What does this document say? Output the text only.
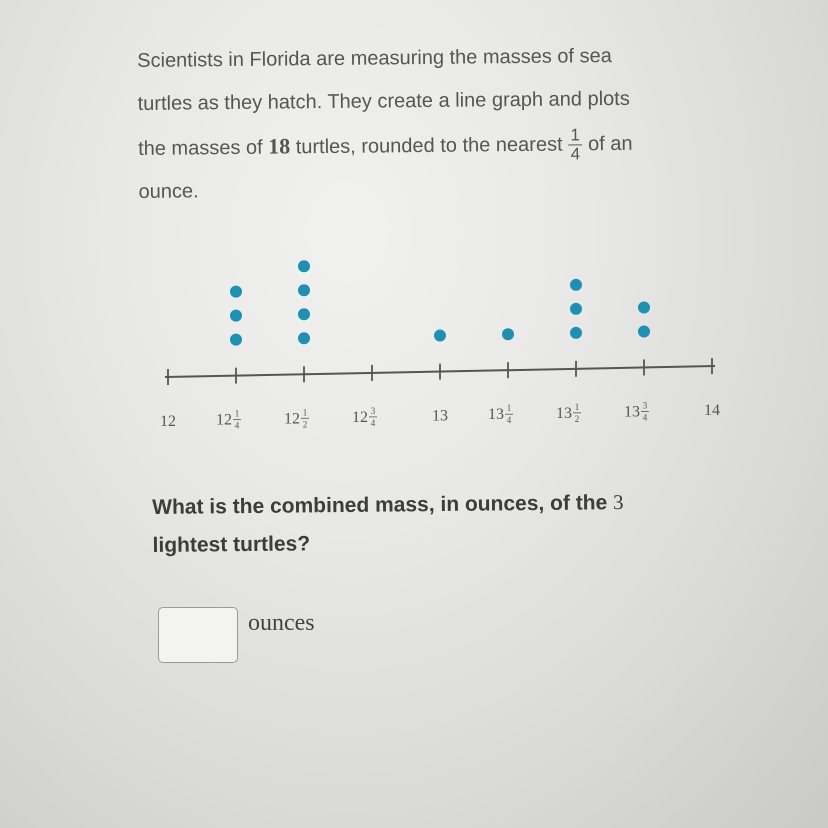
Scientists in Florida are measuring the masses of sea
turtles as they hatch. They create a line graph and plots
the masses of 18 turtles, rounded to the nearest $\frac{1}{4}$ of an
ounce.
12	12 1
4	12 1
2	12 3
4	13	13 1
4	13 1
2	13 3
4	14
What is the combined mass, in ounces, of the 3
lightest turtles?
ounces
